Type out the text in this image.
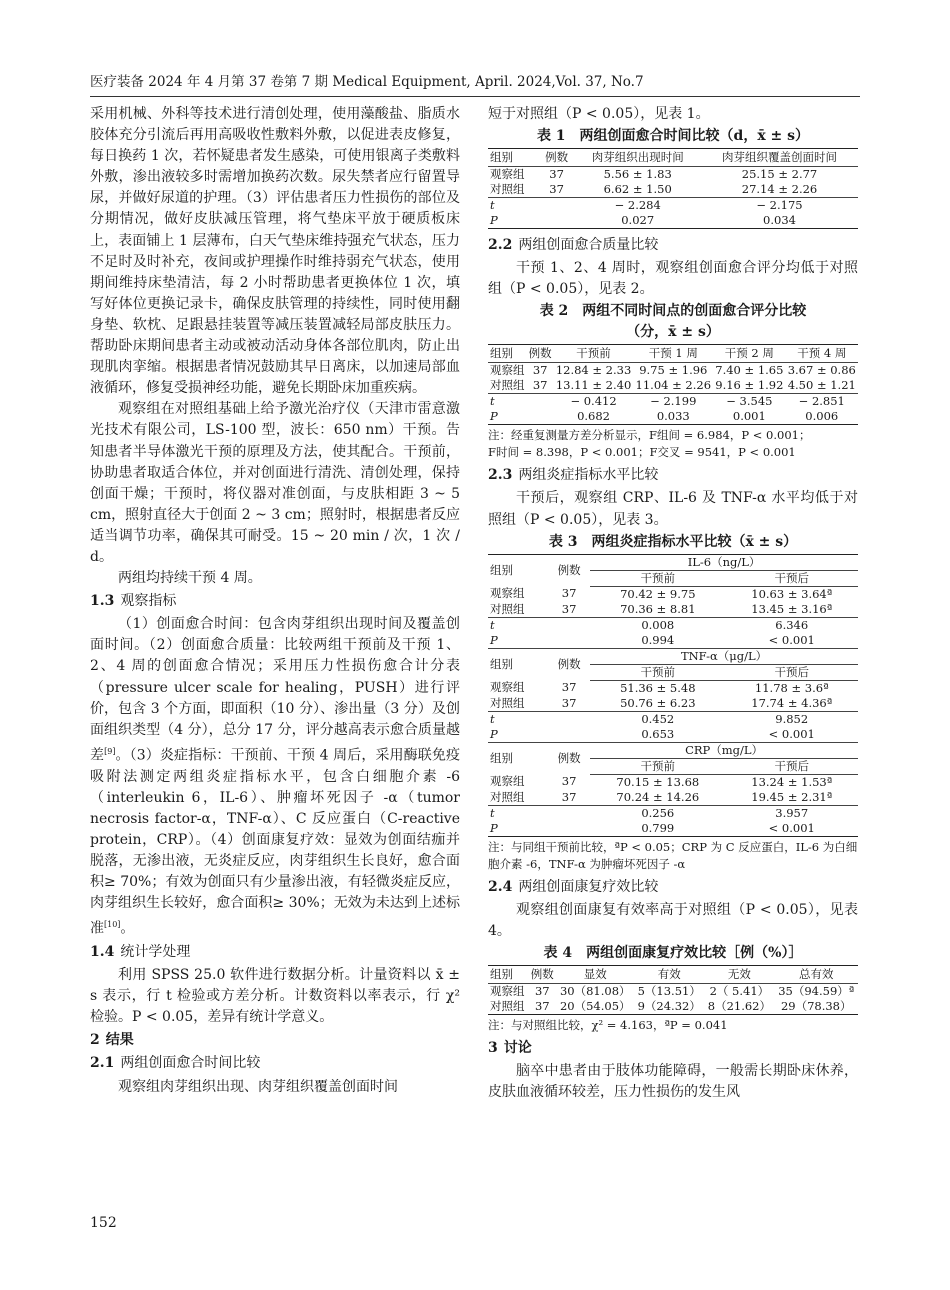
医疗装备 2024 年 4 月第 37 卷第 7 期 Medical Equipment, April. 2024,Vol. 37, No.7

采用机械、外科等技术进行清创处理，使用藻酸盐、脂质水胶体充分引流后再用高吸收性敷料外敷，以促进表皮修复，每日换药 1 次，若怀疑患者发生感染，可使用银离子类敷料外敷，渗出液较多时需增加换药次数。尿失禁者应行留置导尿，并做好尿道的护理。（3）评估患者压力性损伤的部位及分期情况，做好皮肤减压管理，将气垫床平放于硬质板床上，表面铺上 1 层薄布，白天气垫床维持强充气状态，压力不足时及时补充，夜间或护理操作时维持弱充气状态，使用期间维持床垫清洁，每 2 小时帮助患者更换体位 1 次，填写好体位更换记录卡，确保皮肤管理的持续性，同时使用翻身垫、软枕、足跟悬挂装置等减压装置减轻局部皮肤压力。帮助卧床期间患者主动或被动活动身体各部位肌肉，防止出现肌肉挛缩。根据患者情况鼓励其早日离床，以加速局部血液循环，修复受损神经功能，避免长期卧床加重疾病。

观察组在对照组基础上给予激光治疗仪（天津市雷意激光技术有限公司，LS-100 型，波长：650 nm）干预。告知患者半导体激光干预的原理及方法，使其配合。干预前，协助患者取适合体位，并对创面进行清洗、清创处理，保持创面干燥；干预时，将仪器对准创面，与皮肤相距 3 ~ 5 cm，照射直径大于创面 2 ~ 3 cm；照射时，根据患者反应适当调节功率，确保其可耐受。15 ~ 20 min / 次，1 次 / d。

两组均持续干预 4 周。

1.3 观察指标

（1）创面愈合时间：包含肉芽组织出现时间及覆盖创面时间。（2）创面愈合质量：比较两组干预前及干预 1、2、4 周的创面愈合情况；采用压力性损伤愈合计分表（pressure ulcer scale for healing，PUSH）进行评价，包含 3 个方面，即面积（10 分）、渗出量（3 分）及创面组织类型（4 分），总分 17 分，评分越高表示愈合质量越差[9]。（3）炎症指标：干预前、干预 4 周后，采用酶联免疫吸附法测定两组炎症指标水平，包含白细胞介素 -6（interleukin 6，IL-6）、肿瘤坏死因子 -α（tumor necrosis factor-α，TNF-α）、C 反应蛋白（C-reactive protein，CRP）。（4）创面康复疗效：显效为创面结痂并脱落，无渗出液，无炎症反应，肉芽组织生长良好，愈合面积≥ 70%；有效为创面只有少量渗出液，有轻微炎症反应，肉芽组织生长较好，愈合面积≥ 30%；无效为未达到上述标准[10]。

1.4 统计学处理

利用 SPSS 25.0 软件进行数据分析。计量资料以 x̄ ± s 表示，行 t 检验或方差分析。计数资料以率表示，行 χ² 检验。P < 0.05，差异有统计学意义。

2 结果
2.1 两组创面愈合时间比较

观察组肉芽组织出现、肉芽组织覆盖创面时间

短于对照组（P < 0.05），见表 1。

表 1　两组创面愈合时间比较（d，x̄ ± s）
组别	例数	肉芽组织出现时间	肉芽组织覆盖创面时间
观察组	37	5.56 ± 1.83	25.15 ± 2.77
对照组	37	6.62 ± 1.50	27.14 ± 2.26
t		− 2.284	− 2.175
P		0.027	0.034
2.2 两组创面愈合质量比较

干预 1、2、4 周时，观察组创面愈合评分均低于对照组（P < 0.05），见表 2。

表 2　两组不同时间点的创面愈合评分比较
（分，x̄ ± s）
组别	例数	干预前	干预 1 周	干预 2 周	干预 4 周
观察组	37	12.84 ± 2.33	9.75 ± 1.96	7.40 ± 1.65	3.67 ± 0.86
对照组	37	13.11 ± 2.40	11.04 ± 2.26	9.16 ± 1.92	4.50 ± 1.21
t		− 0.412	− 2.199	− 3.545	− 2.851
P		0.682	0.033	0.001	0.006
注：经重复测量方差分析显示，F组间 = 6.984，P < 0.001；
F时间 = 8.398，P < 0.001；F交叉 = 9541，P < 0.001
2.3 两组炎症指标水平比较

干预后，观察组 CRP、IL-6 及 TNF-α 水平均低于对照组（P < 0.05），见表 3。

表 3　两组炎症指标水平比较（x̄ ± s）
组别	例数	IL-6（ng/L）	
		干预前	干预后
观察组	37	70.42 ± 9.75	10.63 ± 3.64ª
对照组	37	70.36 ± 8.81	13.45 ± 3.16ª
t		0.008	6.346
P		0.994	< 0.001
组别	例数	TNF-α（μg/L）	
		干预前	干预后
观察组	37	51.36 ± 5.48	11.78 ± 3.6ª
对照组	37	50.76 ± 6.23	17.74 ± 4.36ª
t		0.452	9.852
P		0.653	< 0.001
组别	例数	CRP（mg/L）	
		干预前	干预后
观察组	37	70.15 ± 13.68	13.24 ± 1.53ª
对照组	37	70.24 ± 14.26	19.45 ± 2.31ª
t		0.256	3.957
P		0.799	< 0.001
注：与同组干预前比较，ªP < 0.05；CRP 为 C 反应蛋白，IL-6 为白细胞介素 -6，TNF-α 为肿瘤坏死因子 -α
2.4 两组创面康复疗效比较

观察组创面康复有效率高于对照组（P < 0.05），见表 4。

表 4　两组创面康复疗效比较［例（%）］
组别	例数	显效	有效	无效	总有效
观察组	37	30（81.08）	5（13.51）	2（ 5.41）	35（94.59）ª
对照组	37	20（54.05）	9（24.32）	8（21.62）	29（78.38）
注：与对照组比较，χ² = 4.163，ªP = 0.041
3 讨论

脑卒中患者由于肢体功能障碍，一般需长期卧床休养，皮肤血液循环较差，压力性损伤的发生风

152
